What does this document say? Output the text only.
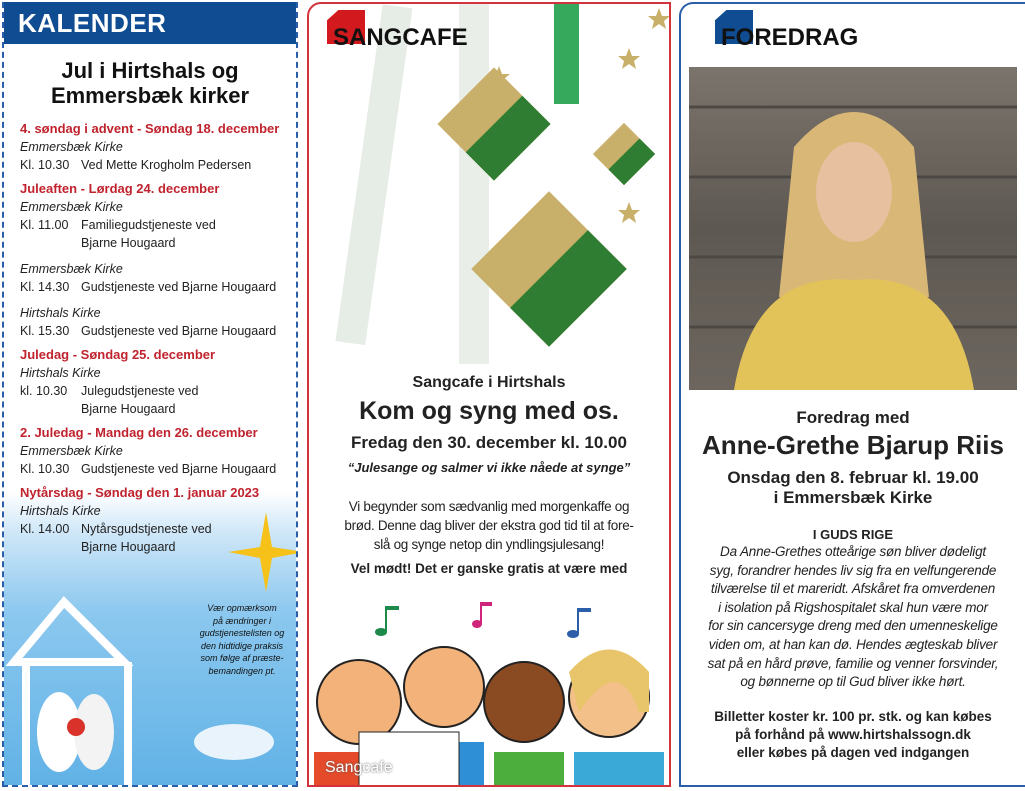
KALENDER
Jul i Hirtshals og
Emmersbæk kirker
4. søndag i advent - Søndag 18. december
Emmersbæk Kirke
Kl. 10.30 Ved Mette Krogholm Pedersen
Juleaften - Lørdag 24. december
Emmersbæk Kirke
Kl. 11.00	Familiegudstjeneste ved
Bjarne Hougaard
Emmersbæk Kirke
Kl. 14.30 Gudstjeneste ved Bjarne Hougaard
Hirtshals Kirke
Kl. 15.30 Gudstjeneste ved Bjarne Hougaard
Juledag - Søndag 25. december
Hirtshals Kirke
kl. 10.30	Julegudstjeneste ved
Bjarne Hougaard
2. Juledag - Mandag den 26. december
Emmersbæk Kirke
Kl. 10.30 Gudstjeneste ved Bjarne Hougaard
Nytårsdag - Søndag den 1. januar 2023
Hirtshals Kirke
Kl. 14.00 Nytårsgudstjeneste ved
Bjarne Hougaard
Vær opmærksom
på ændringer i
gudstjenestelisten og
den hidtidige praksis
som følge af præste-
bemandingen pt.
SANGCAFE
Sangcafe i Hirtshals
Kom og syng med os.
Fredag den 30. december kl. 10.00
“Julesange og salmer vi ikke nåede at synge”
Vi begynder som sædvanlig med morgenkaffe og
brød. Denne dag bliver der ekstra god tid til at fore-
slå og synge netop din yndlingsjulesang!
Vel mødt! Det er ganske gratis at være med
Sangcafe
FOREDRAG
Foredrag med
Anne-Grethe Bjarup Riis
Onsdag den 8. februar kl. 19.00
i Emmersbæk Kirke
I GUDS RIGE
Da Anne-Grethes otteårige søn bliver dødeligt
syg, forandrer hendes liv sig fra en velfungerende
tilværelse til et mareridt. Afskåret fra omverdenen
i isolation på Rigshospitalet skal hun være mor
for sin cancersyge dreng med den umenneskelige
viden om, at han kan dø. Hendes ægteskab bliver
sat på en hård prøve, familie og venner forsvinder,
og bønnerne op til Gud bliver ikke hørt.
Billetter koster kr. 100 pr. stk. og kan købes
på forhånd på www.hirtshalssogn.dk
eller købes på dagen ved indgangen
